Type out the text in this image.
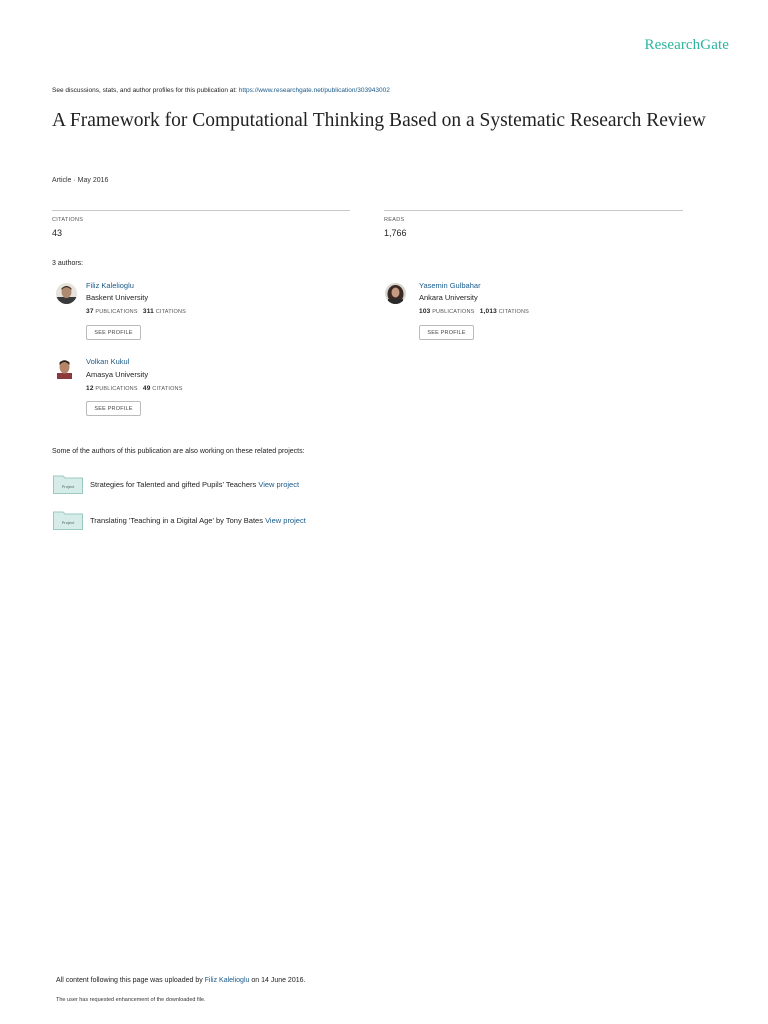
ResearchGate
See discussions, stats, and author profiles for this publication at: https://www.researchgate.net/publication/303943002
A Framework for Computational Thinking Based on a Systematic Research Review
Article · May 2016
CITATIONS
43
READS
1,766
3 authors:
Filiz Kalelioglu
Baskent University
37 PUBLICATIONS 311 CITATIONS
SEE PROFILE
Yasemin Gulbahar
Ankara University
103 PUBLICATIONS 1,013 CITATIONS
SEE PROFILE
Volkan Kukul
Amasya University
12 PUBLICATIONS 49 CITATIONS
SEE PROFILE
Some of the authors of this publication are also working on these related projects:
Project Strategies for Talented and gifted Pupils' Teachers View project
Project Translating 'Teaching in a Digital Age' by Tony Bates View project
All content following this page was uploaded by Filiz Kalelioglu on 14 June 2016.
The user has requested enhancement of the downloaded file.
